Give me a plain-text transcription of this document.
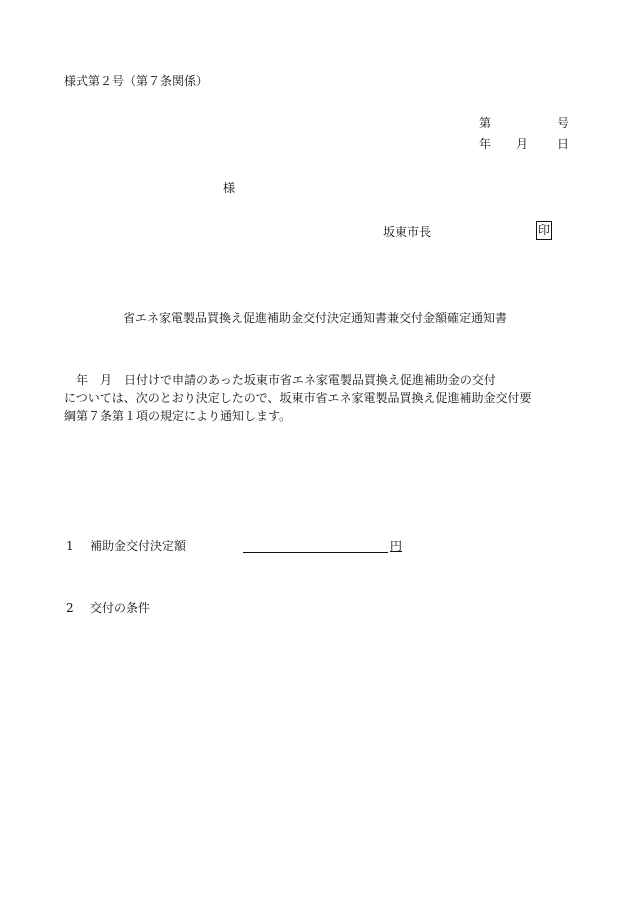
様式第２号（第７条関係）
第	号
年 月 日
様
坂東市長	印
省エネ家電製品買換え促進補助金交付決定通知書兼交付金額確定通知書

　年　月　日付けで申請のあった坂東市省エネ家電製品買換え促進補助金の交付

については、次のとおり決定したので、坂東市省エネ家電製品買換え促進補助金交付要

綱第７条第１項の規定により通知します。

1 補助金交付決定額	円
2 交付の条件
